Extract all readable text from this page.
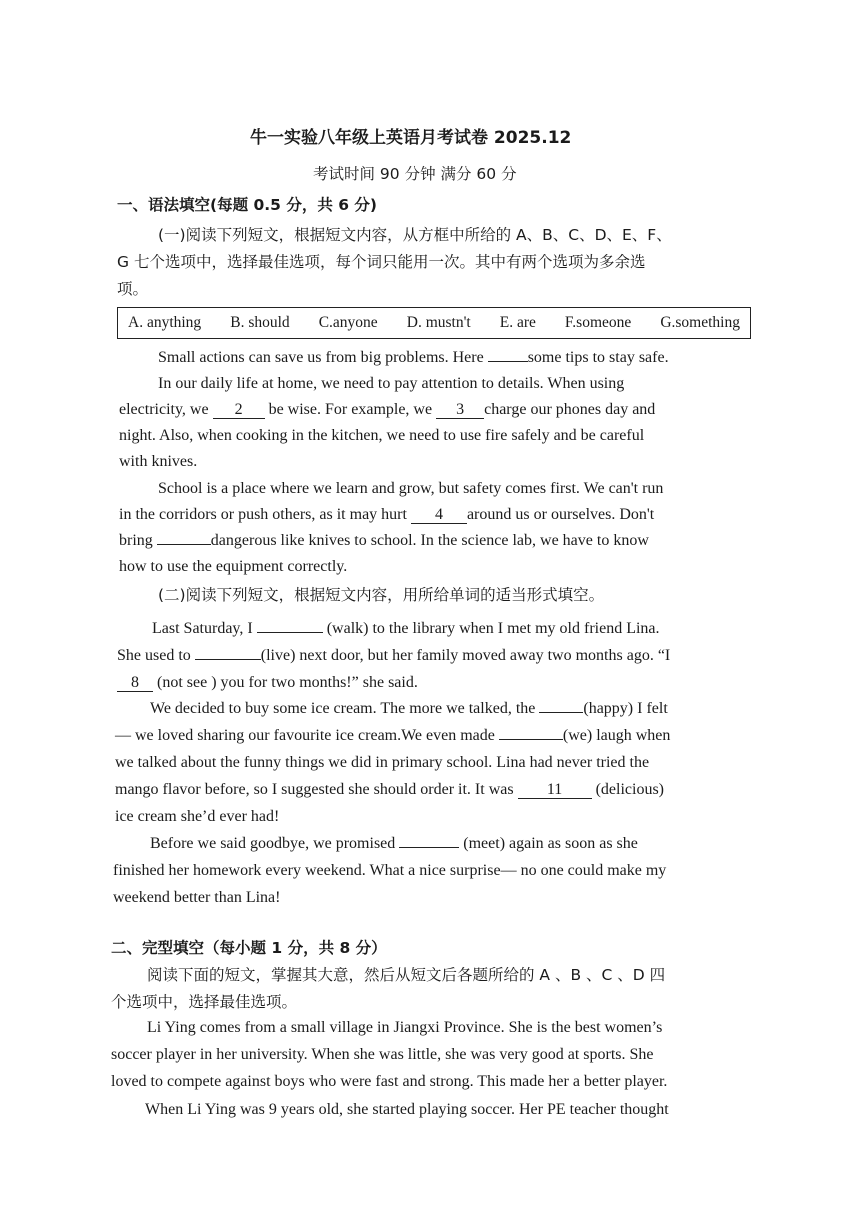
牛一实验八年级上英语月考试卷 2025.12
考试时间 90 分钟 满分 60 分
一、语法填空(每题 0.5 分，共 6 分)
(一)阅读下列短文，根据短文内容，从方框中所给的 A、B、C、D、E、F、
G 七个选项中，选择最佳选项，每个词只能用一次。其中有两个选项为多余选
项。
A. anything B. should C.anyone D. mustn't E. are F.someone G.something
Small actions can save us from big problems. Here	some tips to stay safe.
In our daily life at home, we need to pay attention to details. When using
electricity, we 2 be wise. For example, we 3 charge our phones day and
night. Also, when cooking in the kitchen, we need to use fire safely and be careful
with knives.
School is a place where we learn and grow, but safety comes first. We can't run
in the corridors or push others, as it may hurt 4 around us or ourselves. Don't
bring	dangerous like knives to school. In the science lab, we have to know
how to use the equipment correctly.
(二)阅读下列短文，根据短文内容，用所给单词的适当形式填空。
Last Saturday, I	(walk) to the library when I met my old friend Lina.
She used to	(live) next door, but her family moved away two months ago. “I
8 (not see ) you for two months!” she said.
We decided to buy some ice cream. The more we talked, the	(happy) I felt
— we loved sharing our favourite ice cream.We even made	(we) laugh when
we talked about the funny things we did in primary school. Lina had never tried the
mango flavor before, so I suggested she should order it. It was 11 (delicious)
ice cream she’d ever had!
Before we said goodbye, we promised	(meet) again as soon as she
finished her homework every weekend. What a nice surprise— no one could make my
weekend better than Lina!
二、完型填空（每小题 1 分，共 8 分）
阅读下面的短文，掌握其大意，然后从短文后各题所给的 A 、B 、C 、D 四
个选项中，选择最佳选项。
Li Ying comes from a small village in Jiangxi Province. She is the best women’s
soccer player in her university. When she was little, she was very good at sports. She
loved to compete against boys who were fast and strong. This made her a better player.
When Li Ying was 9 years old, she started playing soccer. Her PE teacher thought
